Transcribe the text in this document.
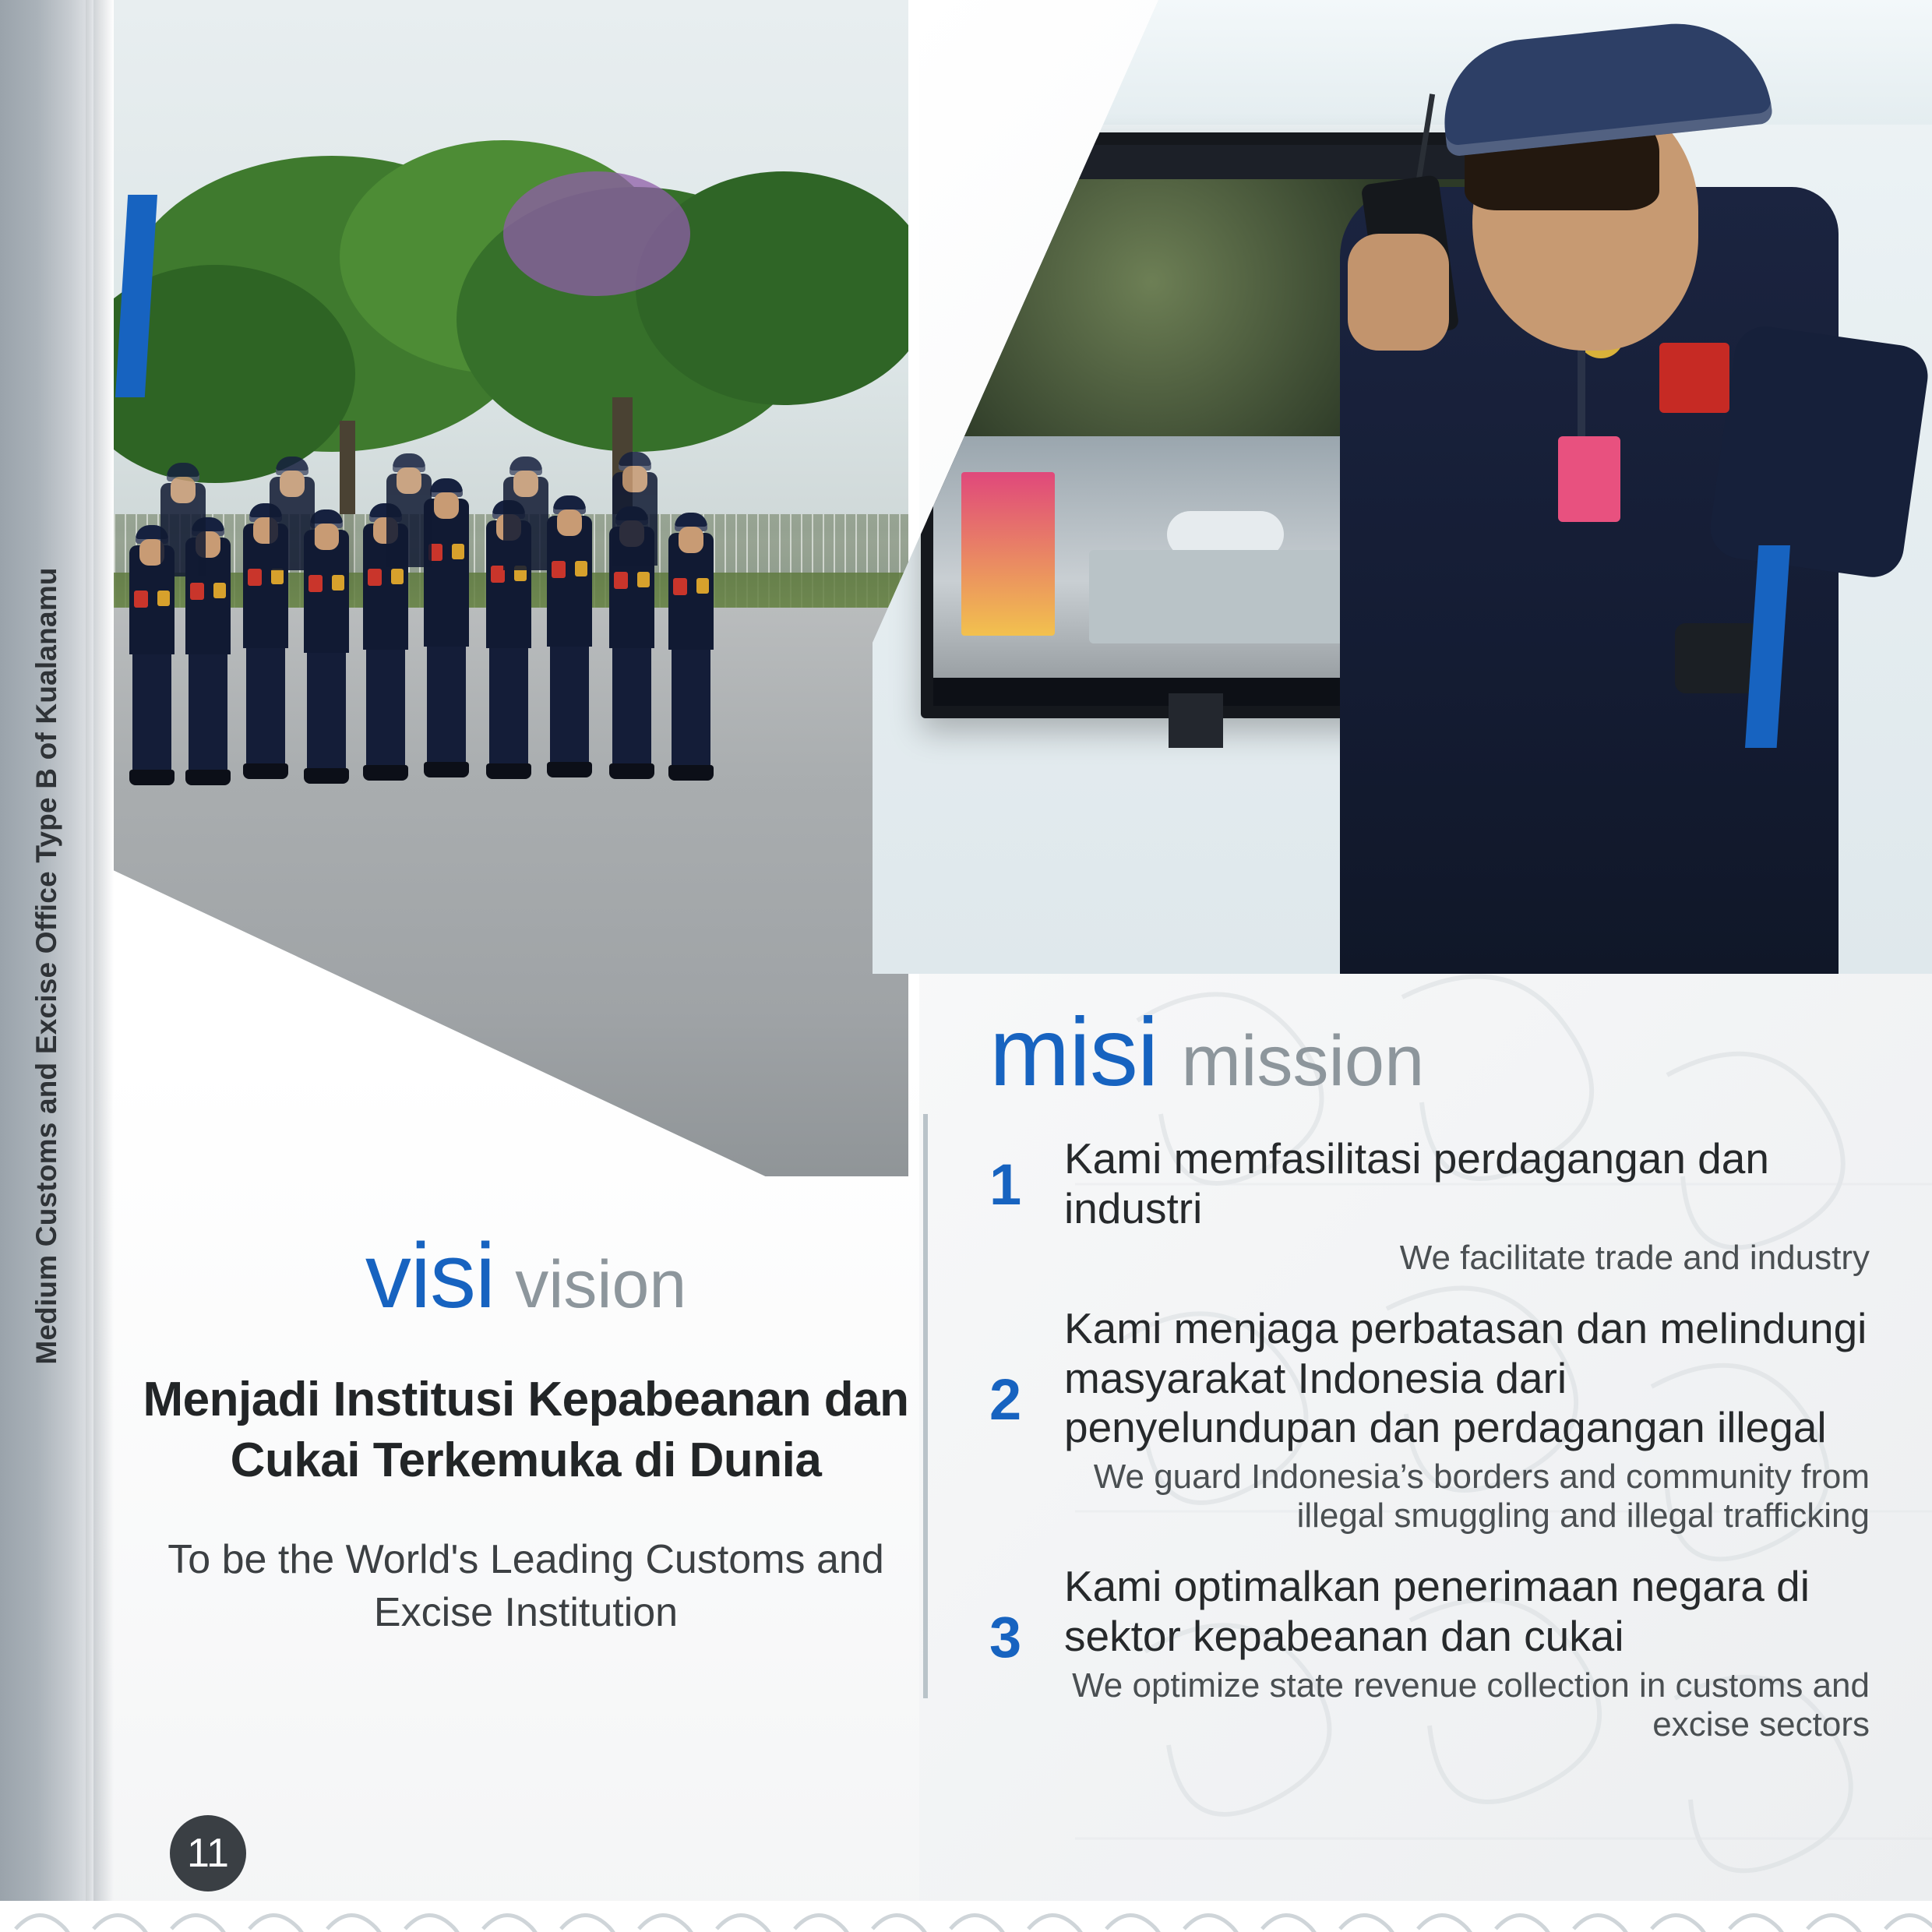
Medium Customs and Excise Office Type B of Kualanamu	visi vision
Menjadi Institusi Kepabeanan dan Cukai Terkemuka di Dunia
To be the World's Leading Customs and Excise Institution
misi mission
1 Kami memfasilitasi perdagangan dan industri
We facilitate trade and industry
2
Kami menjaga perbatasan dan melindungi masyarakat Indonesia dari penyelundupan dan perdagangan illegal
We guard Indonesia’s borders and community from illegal smuggling and illegal trafficking
3
Kami optimalkan penerimaan negara di sektor kepabeanan dan cukai
We optimize state revenue collection in customs and excise sectors
11
